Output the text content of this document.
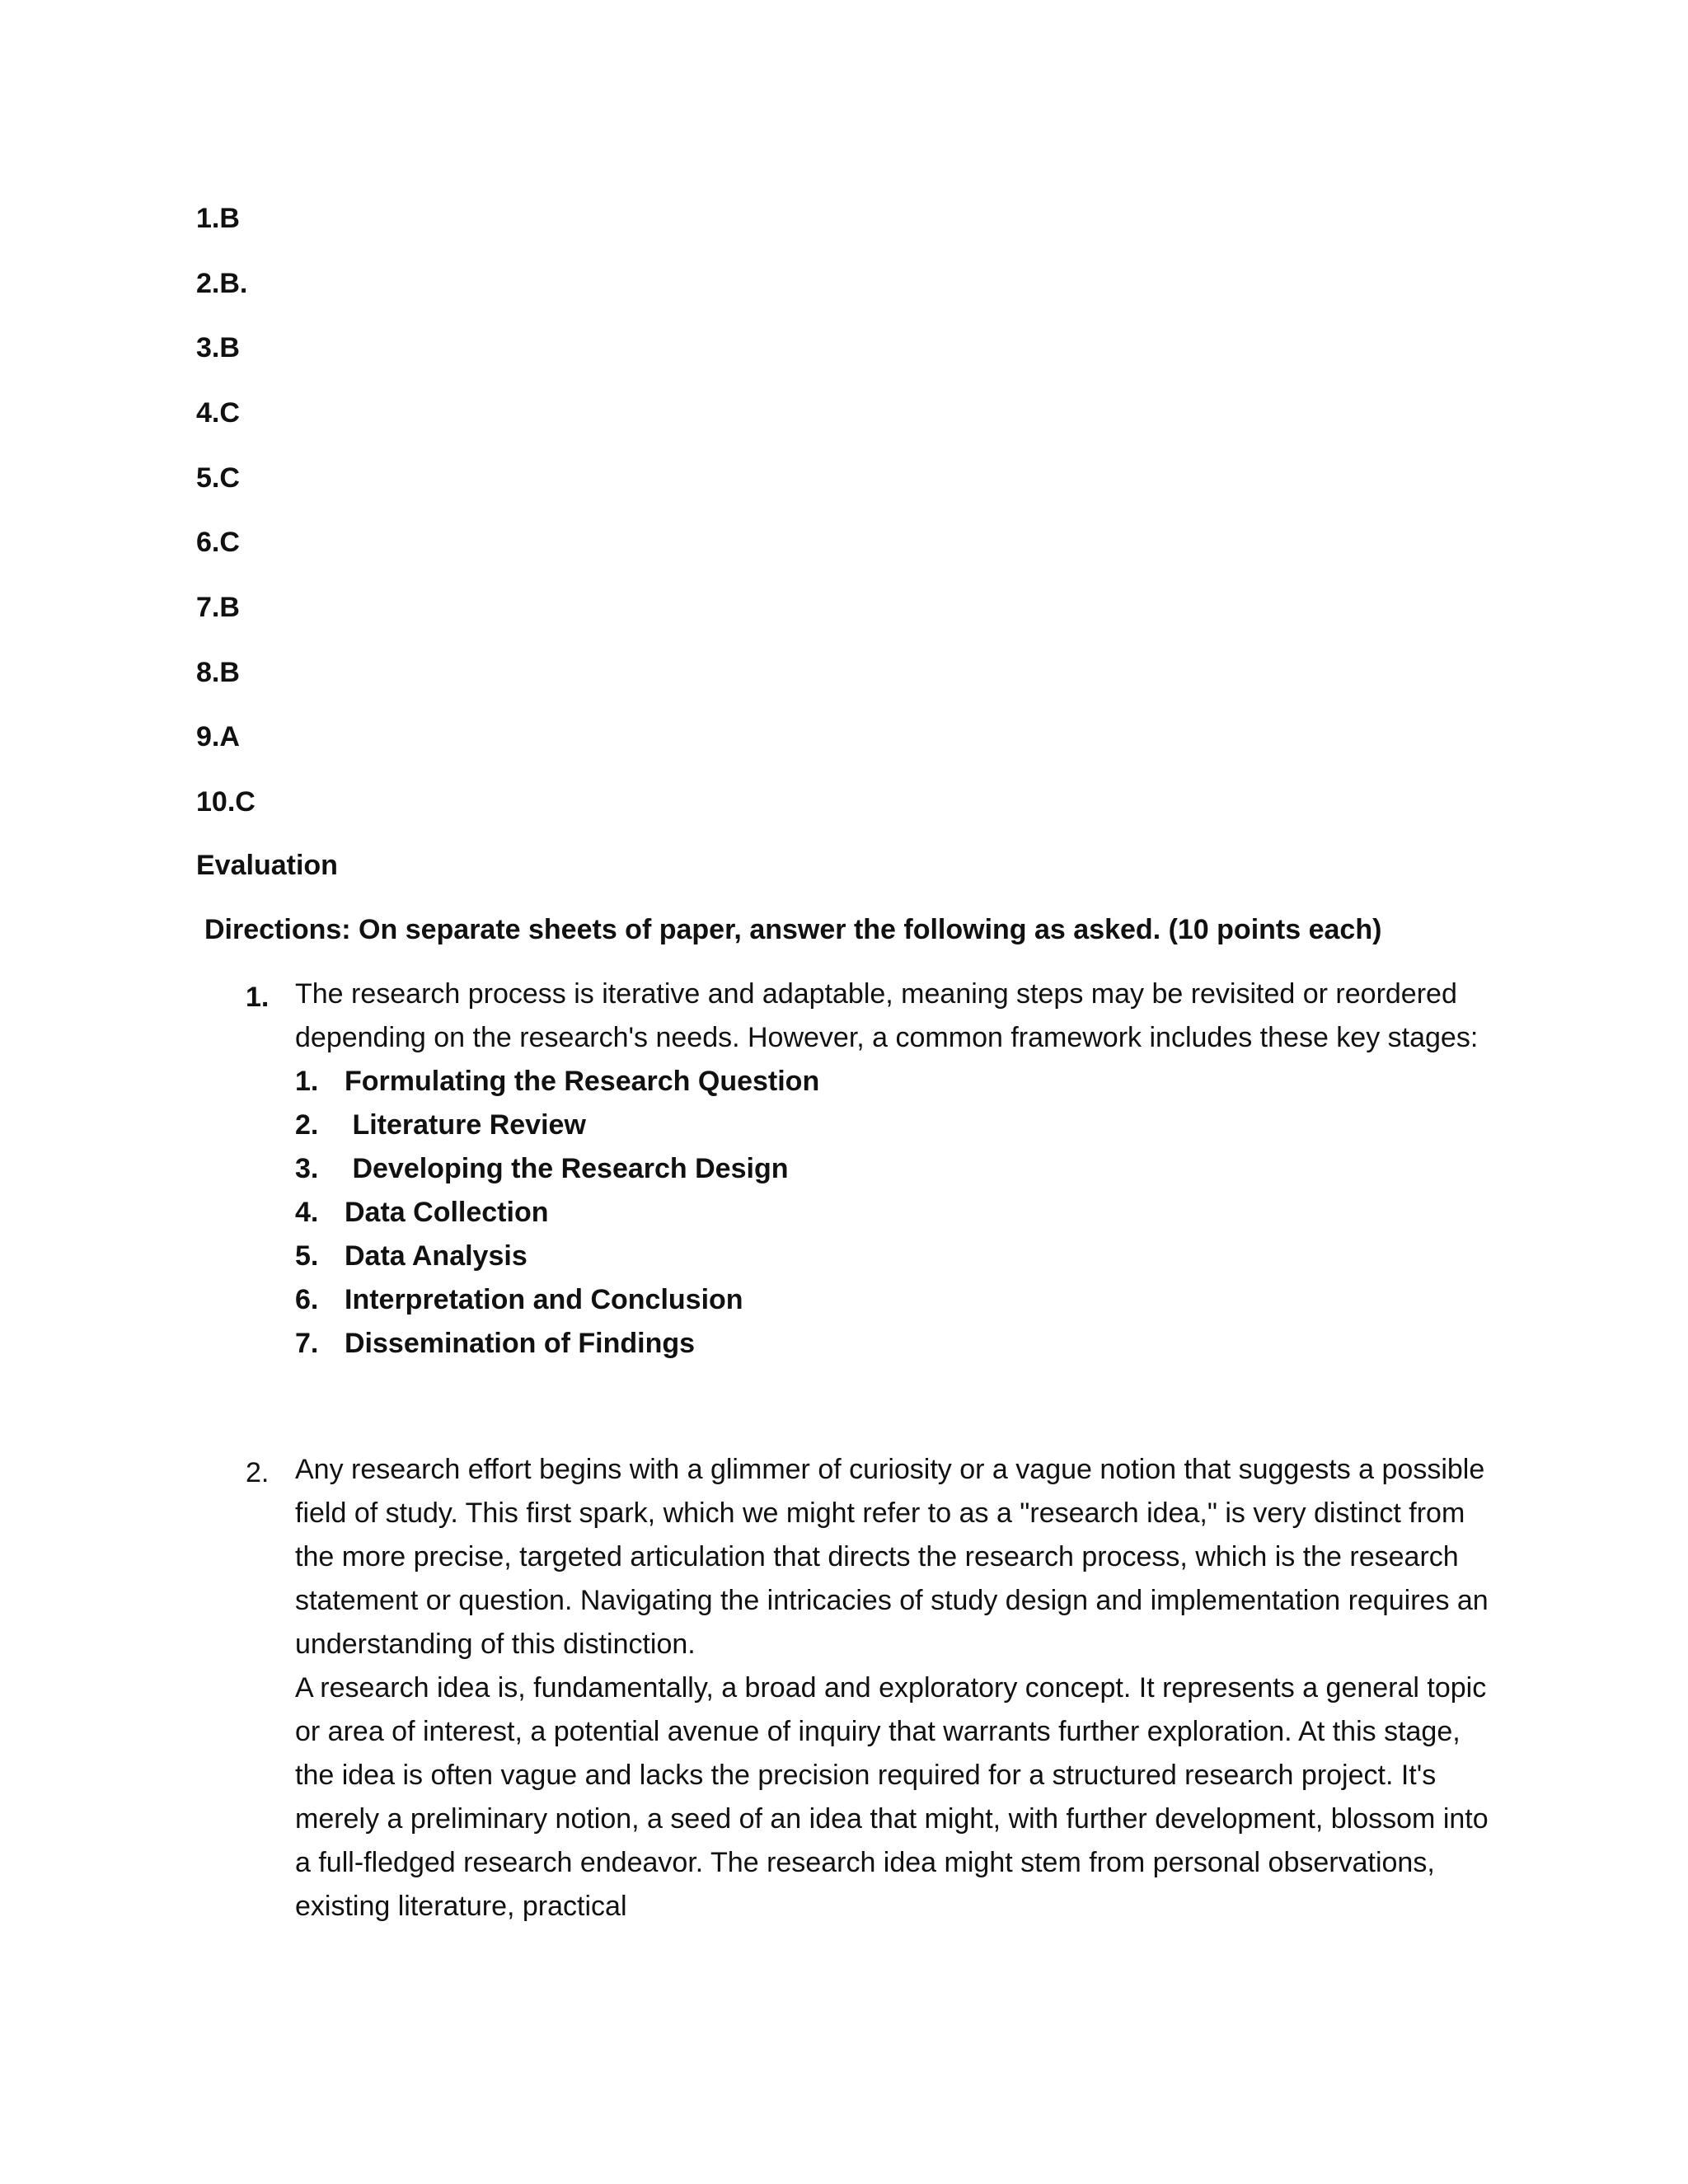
1.B
2.B.
3.B
4.C
5.C
6.C
7.B
8.B
9.A
10.C
Evaluation
Directions: On separate sheets of paper, answer the following as asked. (10 points each)
1. The research process is iterative and adaptable, meaning steps may be revisited or reordered depending on the research's needs. However, a common framework includes these key stages:

1. Formulating the Research Question
2. Literature Review
3. Developing the Research Design
4. Data Collection
5. Data Analysis
6. Interpretation and Conclusion
7. Dissemination of Findings
2. Any research effort begins with a glimmer of curiosity or a vague notion that suggests a possible field of study. This first spark, which we might refer to as a "research idea," is very distinct from the more precise, targeted articulation that directs the research process, which is the research statement or question. Navigating the intricacies of study design and implementation requires an understanding of this distinction.

A research idea is, fundamentally, a broad and exploratory concept. It represents a general topic or area of interest, a potential avenue of inquiry that warrants further exploration. At this stage, the idea is often vague and lacks the precision required for a structured research project. It's merely a preliminary notion, a seed of an idea that might, with further development, blossom into a full-fledged research endeavor. The research idea might stem from personal observations, existing literature, practical
